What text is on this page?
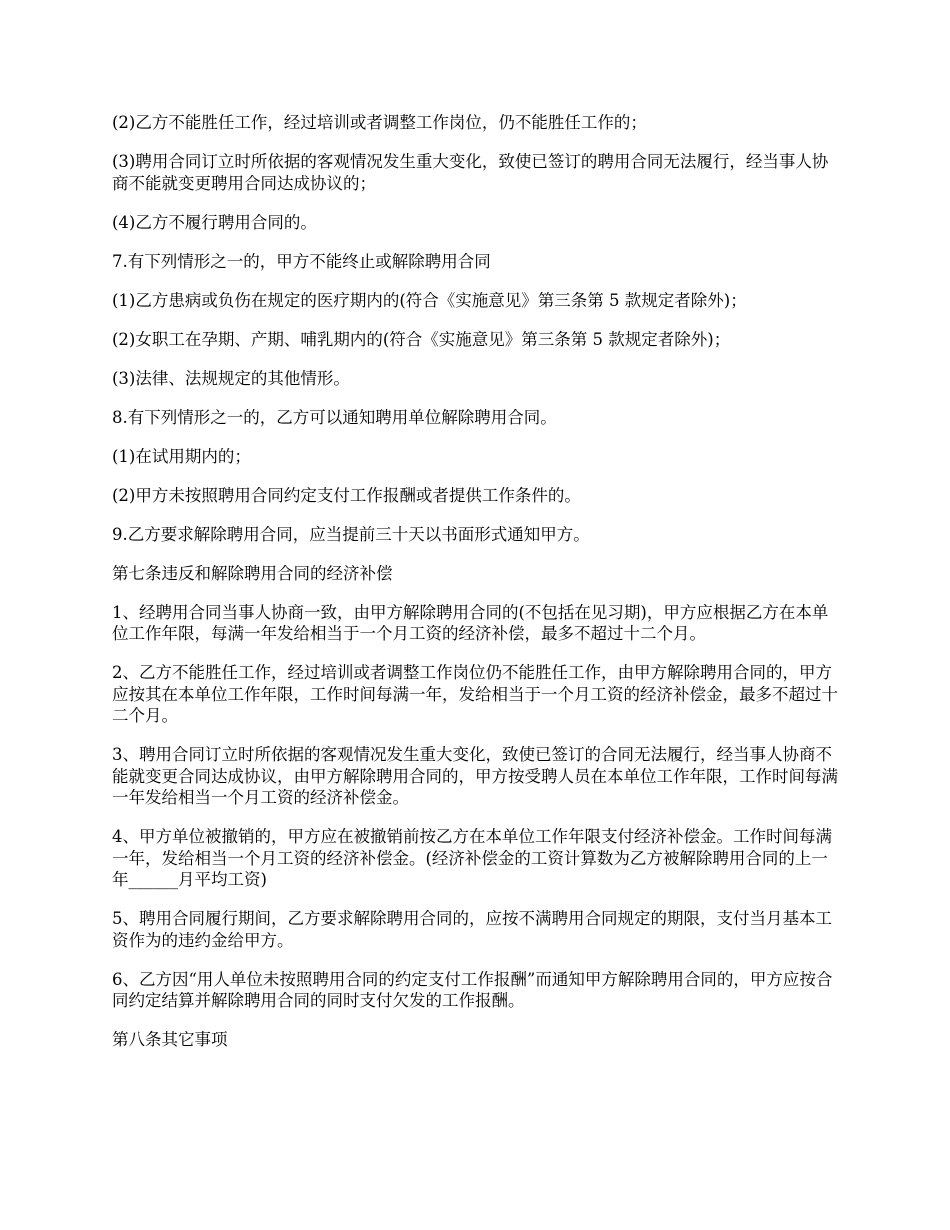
(2)乙方不能胜任工作，经过培训或者调整工作岗位，仍不能胜任工作的；

(3)聘用合同订立时所依据的客观情况发生重大变化，致使已签订的聘用合同无法履行，经当事人协商不能就变更聘用合同达成协议的；

(4)乙方不履行聘用合同的。

7.有下列情形之一的，甲方不能终止或解除聘用合同

(1)乙方患病或负伤在规定的医疗期内的(符合《实施意见》第三条第 5 款规定者除外)；

(2)女职工在孕期、产期、哺乳期内的(符合《实施意见》第三条第 5 款规定者除外)；

(3)法律、法规规定的其他情形。

8.有下列情形之一的，乙方可以通知聘用单位解除聘用合同。

(1)在试用期内的；

(2)甲方未按照聘用合同约定支付工作报酬或者提供工作条件的。

9.乙方要求解除聘用合同，应当提前三十天以书面形式通知甲方。

第七条违反和解除聘用合同的经济补偿

1、经聘用合同当事人协商一致，由甲方解除聘用合同的(不包括在见习期)，甲方应根据乙方在本单位工作年限，每满一年发给相当于一个月工资的经济补偿，最多不超过十二个月。

2、乙方不能胜任工作，经过培训或者调整工作岗位仍不能胜任工作，由甲方解除聘用合同的，甲方应按其在本单位工作年限，工作时间每满一年，发给相当于一个月工资的经济补偿金，最多不超过十二个月。

3、聘用合同订立时所依据的客观情况发生重大变化，致使已签订的合同无法履行，经当事人协商不能就变更合同达成协议，由甲方解除聘用合同的，甲方按受聘人员在本单位工作年限，工作时间每满一年发给相当一个月工资的经济补偿金。

4、甲方单位被撤销的，甲方应在被撤销前按乙方在本单位工作年限支付经济补偿金。工作时间每满一年，发给相当一个月工资的经济补偿金。(经济补偿金的工资计算数为乙方被解除聘用合同的上一年______月平均工资)

5、聘用合同履行期间，乙方要求解除聘用合同的，应按不满聘用合同规定的期限，支付当月基本工资作为的违约金给甲方。

6、乙方因“用人单位未按照聘用合同的约定支付工作报酬”而通知甲方解除聘用合同的，甲方应按合同约定结算并解除聘用合同的同时支付欠发的工作报酬。

第八条其它事项
